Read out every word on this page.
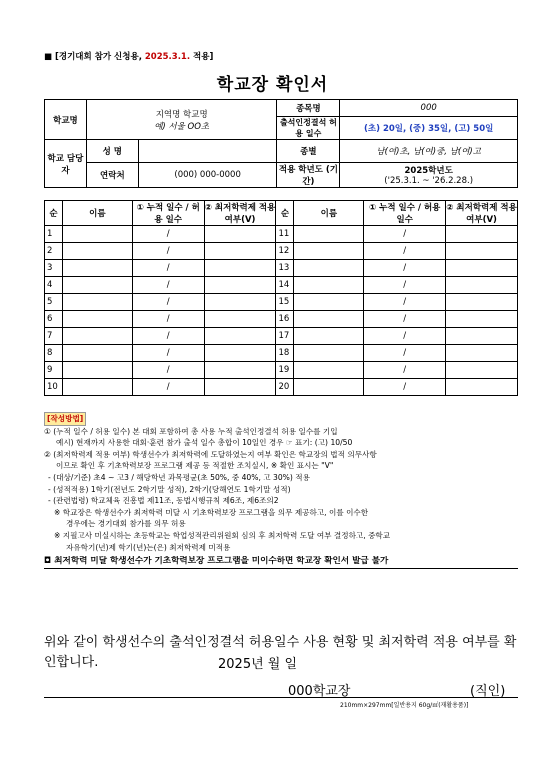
■ [경기대회 참가 신청용, 2025.3.1. 적용]
학교장 확인서
학교명	지역명 학교명
예) 서울 OO초		종목명	000
			출석인정결석 허용 일수	(초) 20일, (중) 35일, (고) 50일
학교 담당자	성 명		종별	남(여)초, 남(여)중, 남(여)고
	연락처	(000) 000-0000	적용 학년도 (기간)	2025학년도
('25.3.1. ~ '26.2.28.)
순	이름	① 누적 일수 / 허용 일수	② 최저학력제 적용여부(V)	순	이름	① 누적 일수 / 허용 일수	② 최저학력제 적용여부(V)
1		/		11		/	
2		/		12		/	
3		/		13		/	
4		/		14		/	
5		/		15		/	
6		/		16		/	
7		/		17		/	
8		/		18		/	
9		/		19		/	
10		/		20		/	
[작성방법]
① (누적 일수 / 허용 일수) 본 대회 포함하여 총 사용 누적 출석인정결석 허용 일수를 기입
예시) 현재까지 사용한 대회·훈련 참가 출석 일수 총합이 10일인 경우 ☞ 표기: (고) 10/50
② (최저학력제 적용 여부) 학생선수가 최저학력에 도달하였는지 여부 확인은 학교장의 법적 의무사항
이므로 확인 후 기초학력보장 프로그램 제공 등 적절한 조치실시, ※ 확인 표시는 "V"
- (대상/기준) 초4 ~ 고3 / 해당학년 과목평균(초 50%, 중 40%, 고 30%) 적용
- (성적적용) 1학기(전년도 2학기말 성적), 2학기(당해연도 1학기말 성적)
- (관련법령) 학교체육 진흥법 제11조, 동법시행규칙 제6조, 제6조의2
※ 학교장은 학생선수가 최저학력 미달 시 기초학력보장 프로그램을 의무 제공하고, 이를 이수한
경우에는 경기대회 참가를 의무 허용
※ 지필고사 미실시하는 초등학교는 학업성적관리위원회 심의 후 최저학력 도달 여부 결정하고, 중학교
자유학기(년)제 학기(년)는(은) 최저학력제 미적용
◘ 최저학력 미달 학생선수가 기초학력보장 프로그램을 미이수하면 학교장 확인서 발급 불가
위와 같이 학생선수의 출석인정결석 허용일수 사용 현황 및 최저학력 적용 여부를 확인합니다.	2025년 월 일
000학교장	(직인)
210mm×297mm[일반용지 60g/㎡(재활용품)]
